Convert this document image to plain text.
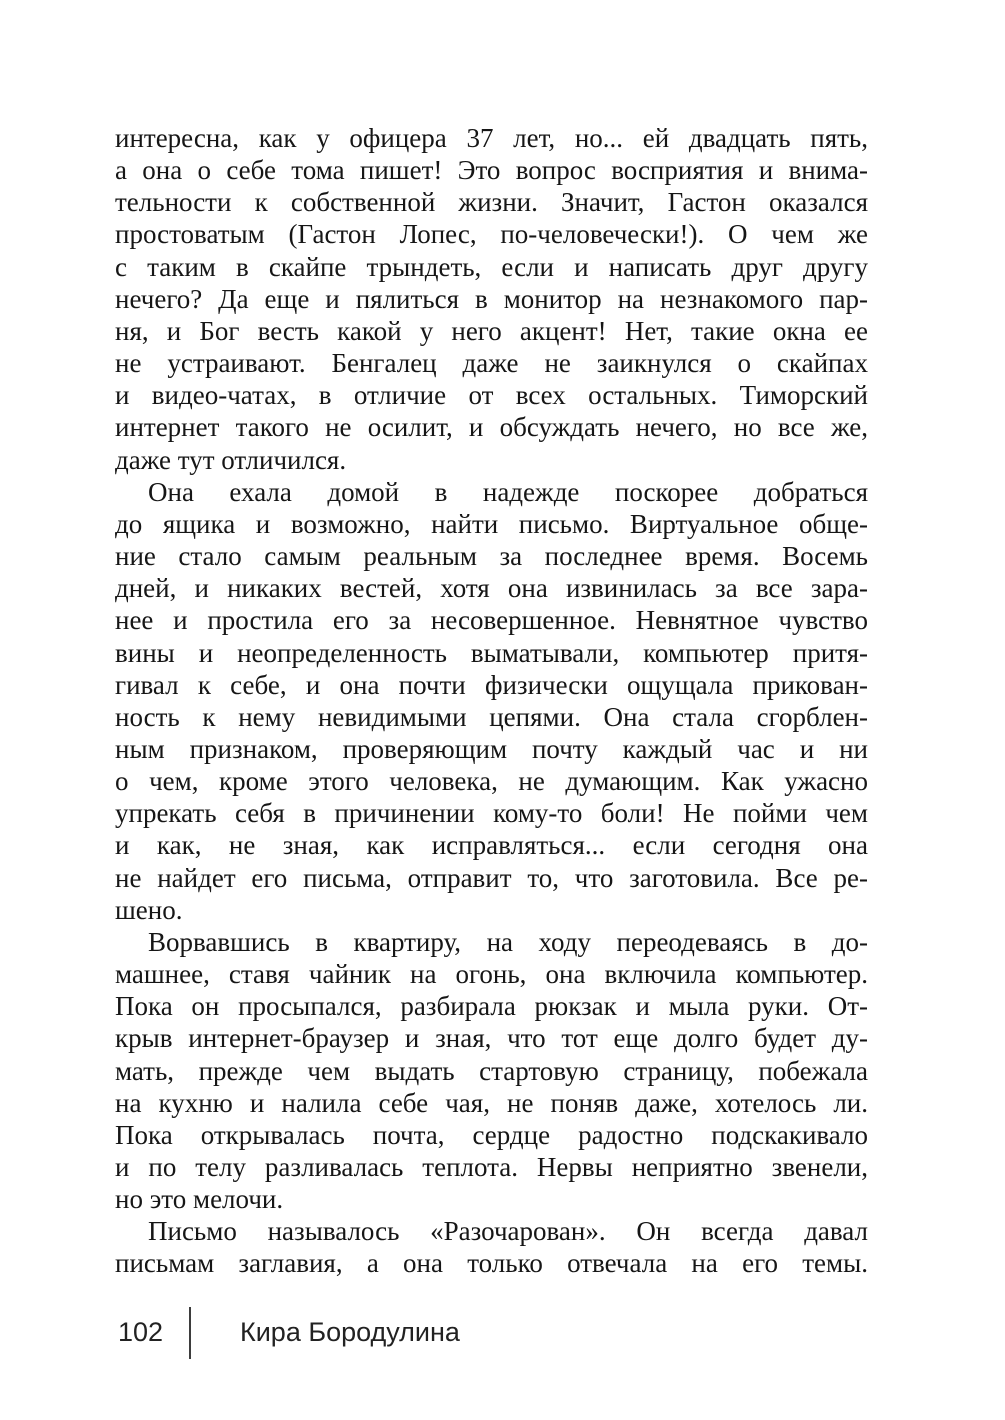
интересна, как у офицера 37 лет, но... ей двадцать пять,
а она о себе тома пишет! Это вопрос восприятия и внима-
тельности к собственной жизни. Значит, Гастон оказался
простоватым (Гастон Лопес, по-человечески!). О чем же
с таким в скайпе трындеть, если и написать друг другу
нечего? Да еще и пялиться в монитор на незнакомого пар-
ня, и Бог весть какой у него акцент! Нет, такие окна ее
не устраивают. Бенгалец даже не заикнулся о скайпах
и видео-чатах, в отличие от всех остальных. Тиморский
интернет такого не осилит, и обсуждать нечего, но все же,
даже тут отличился.
Она ехала домой в надежде поскорее добраться
до ящика и возможно, найти письмо. Виртуальное обще-
ние стало самым реальным за последнее время. Восемь
дней, и никаких вестей, хотя она извинилась за все зара-
нее и простила его за несовершенное. Невнятное чувство
вины и неопределенность выматывали, компьютер притя-
гивал к себе, и она почти физически ощущала прикован-
ность к нему невидимыми цепями. Она стала сгорблен-
ным признаком, проверяющим почту каждый час и ни
о чем, кроме этого человека, не думающим. Как ужасно
упрекать себя в причинении кому-то боли! Не пойми чем
и как, не зная, как исправляться... если сегодня она
не найдет его письма, отправит то, что заготовила. Все ре-
шено.
Ворвавшись в квартиру, на ходу переодеваясь в до-
машнее, ставя чайник на огонь, она включила компьютер.
Пока он просыпался, разбирала рюкзак и мыла руки. От-
крыв интернет-браузер и зная, что тот еще долго будет ду-
мать, прежде чем выдать стартовую страницу, побежала
на кухню и налила себе чая, не поняв даже, хотелось ли.
Пока открывалась почта, сердце радостно подскакивало
и по телу разливалась теплота. Нервы неприятно звенели,
но это мелочи.
Письмо называлось «Разочарован». Он всегда давал
письмам заглавия, а она только отвечала на его темы.
102	Кира Бородулина
